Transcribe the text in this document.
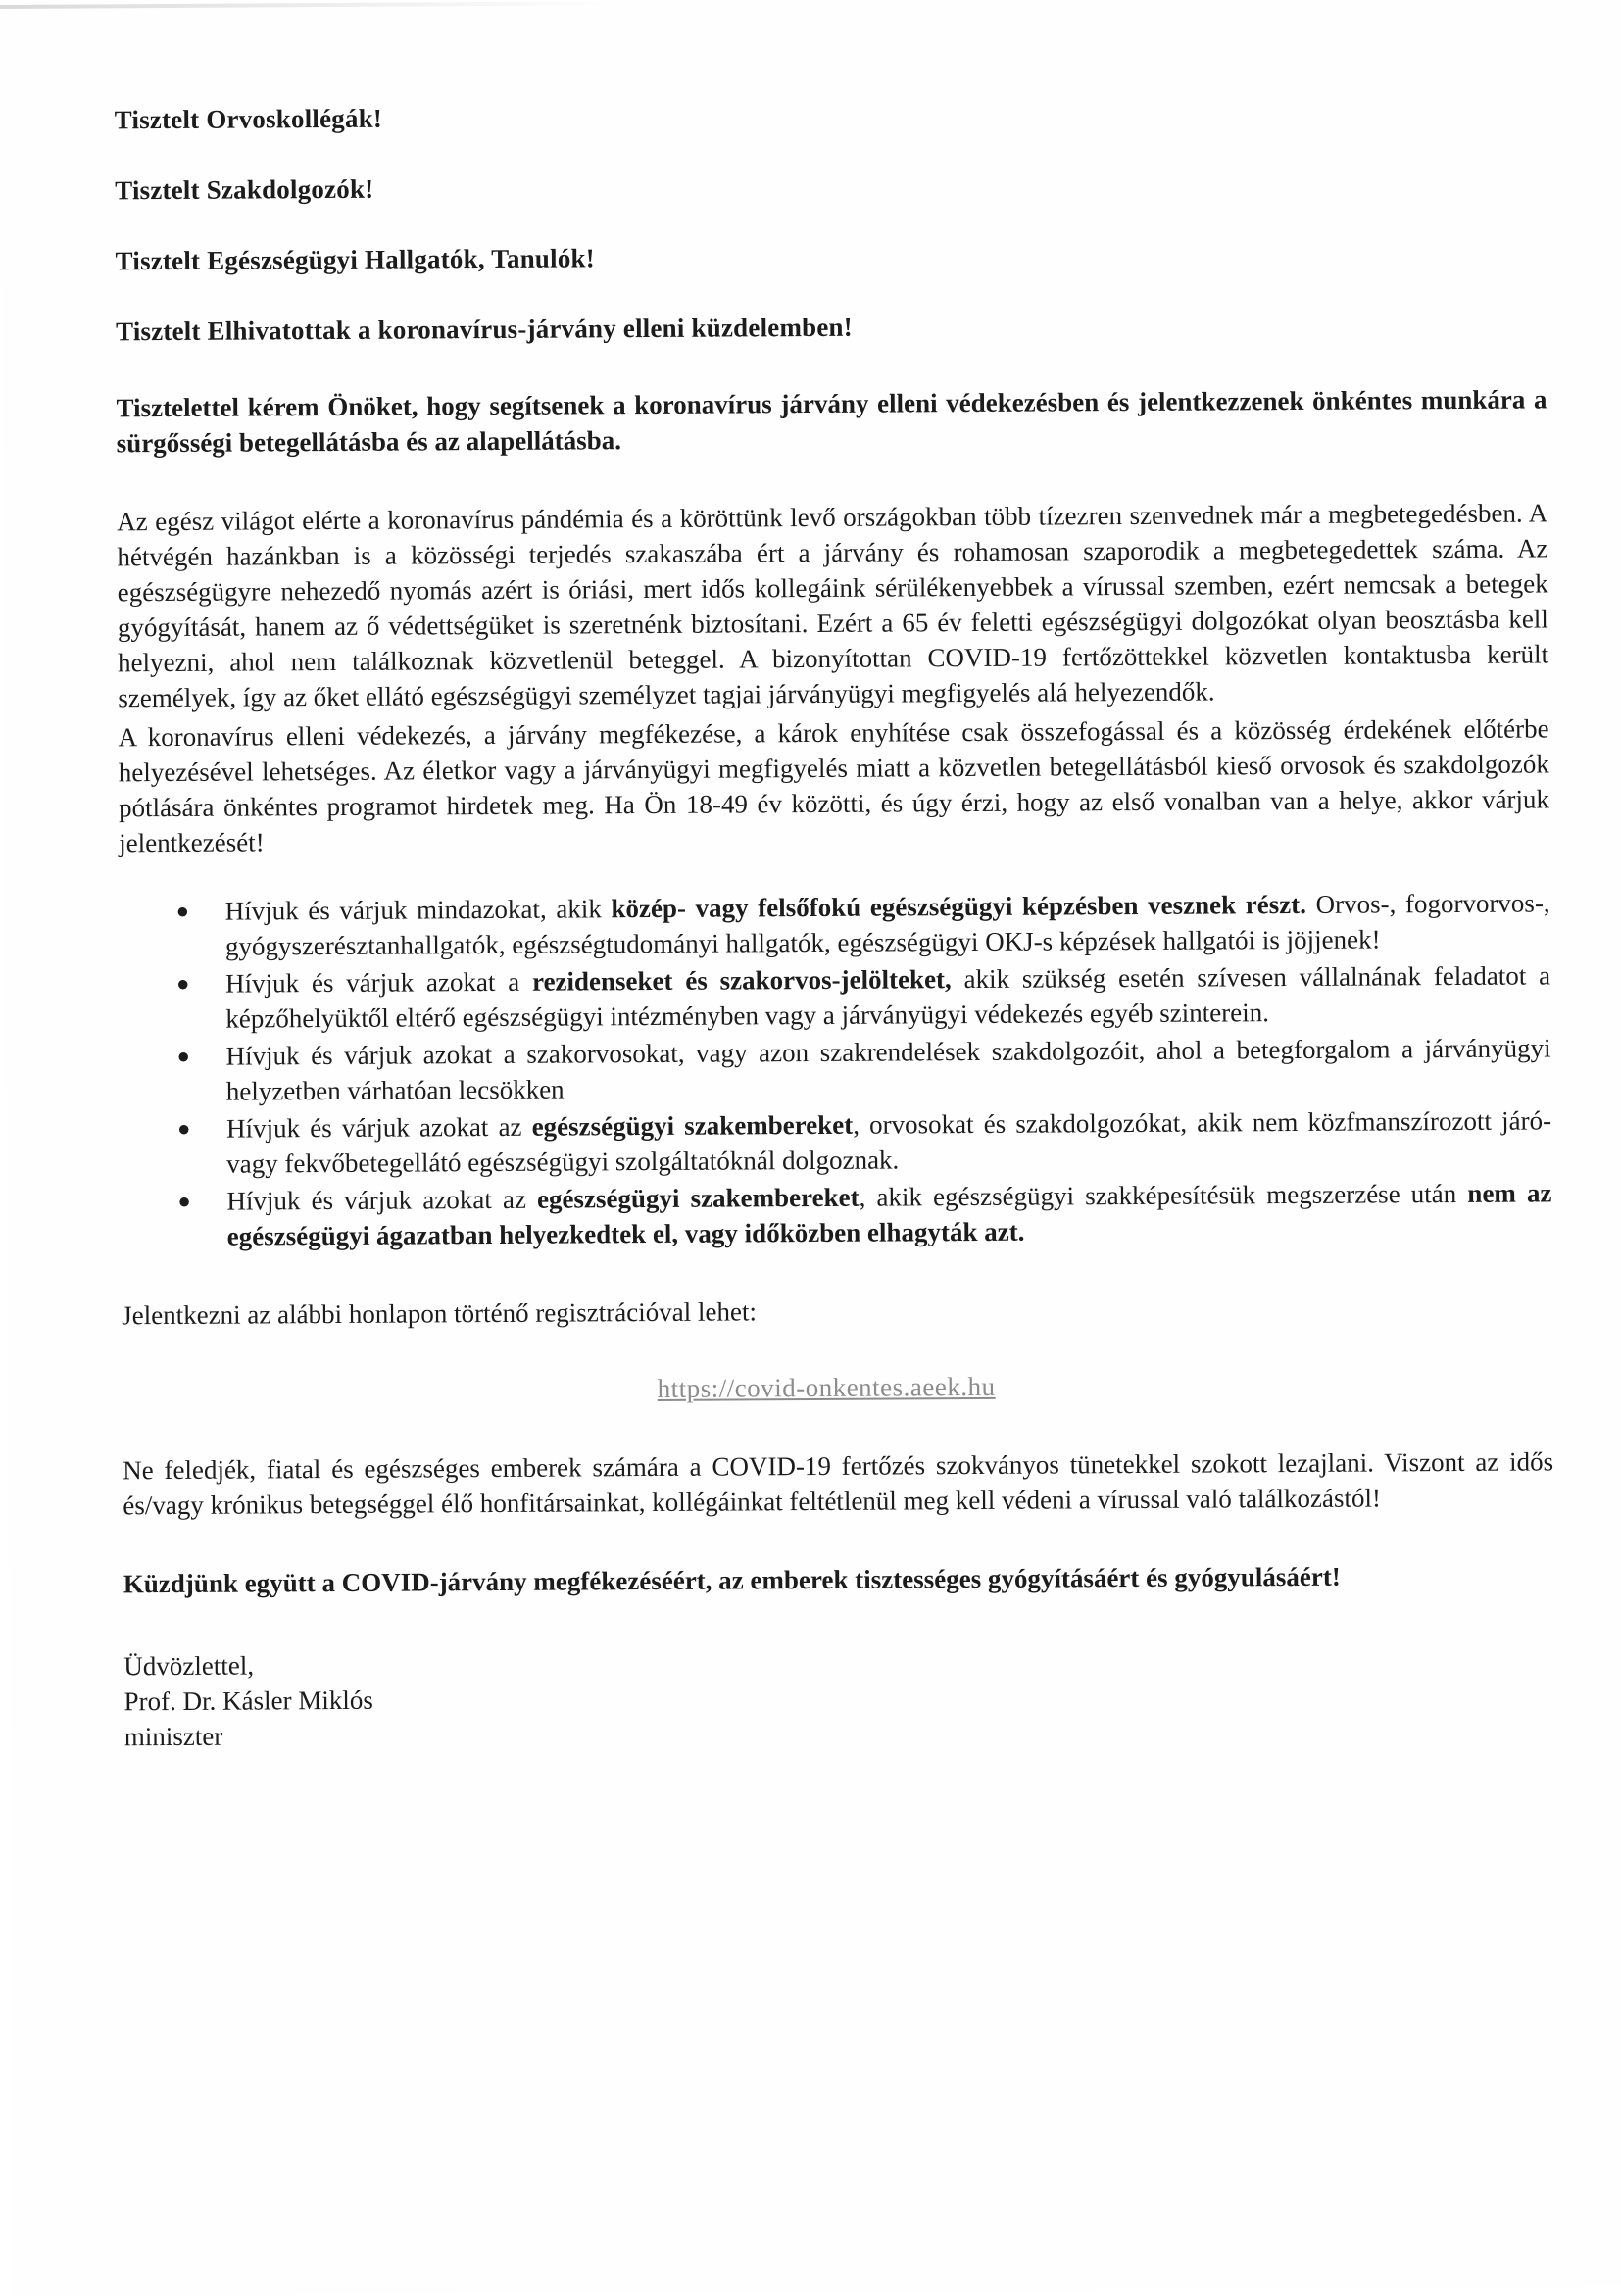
Tisztelt Orvoskollégák!

Tisztelt Szakdolgozók!

Tisztelt Egészségügyi Hallgatók, Tanulók!

Tisztelt Elhivatottak a koronavírus-járvány elleni küzdelemben!

Tisztelettel kérem Önöket, hogy segítsenek a koronavírus járvány elleni védekezésben és jelentkezzenek önkéntes munkára a sürgősségi betegellátásba és az alapellátásba.

Az egész világot elérte a koronavírus pándémia és a köröttünk levő országokban több tízezren szenvednek már a megbetegedésben. A hétvégén hazánkban is a közösségi terjedés szakaszába ért a járvány és rohamosan szaporodik a megbetegedettek száma. Az egészségügyre nehezedő nyomás azért is óriási, mert idős kollegáink sérülékenyebbek a vírussal szemben, ezért nemcsak a betegek gyógyítását, hanem az ő védettségüket is szeretnénk biztosítani. Ezért a 65 év feletti egészségügyi dolgozókat olyan beosztásba kell helyezni, ahol nem találkoznak közvetlenül beteggel. A bizonyítottan COVID-19 fertőzöttekkel közvetlen kontaktusba került személyek, így az őket ellátó egészségügyi személyzet tagjai járványügyi megfigyelés alá helyezendők.

A koronavírus elleni védekezés, a járvány megfékezése, a károk enyhítése csak összefogással és a közösség érdekének előtérbe helyezésével lehetséges. Az életkor vagy a járványügyi megfigyelés miatt a közvetlen betegellátásból kieső orvosok és szakdolgozók pótlására önkéntes programot hirdetek meg. Ha Ön 18-49 év közötti, és úgy érzi, hogy az első vonalban van a helye, akkor várjuk jelentkezését!

● Hívjuk és várjuk mindazokat, akik közép- vagy felsőfokú egészségügyi képzésben vesznek részt. Orvos-, fogorvorvos-, gyógyszerésztanhallgatók, egészségtudományi hallgatók, egészségügyi OKJ-s képzések hallgatói is jöjjenek!
● Hívjuk és várjuk azokat a rezidenseket és szakorvos-jelölteket, akik szükség esetén szívesen vállalnának feladatot a képzőhelyüktől eltérő egészségügyi intézményben vagy a járványügyi védekezés egyéb szinterein.
● Hívjuk és várjuk azokat a szakorvosokat, vagy azon szakrendelések szakdolgozóit, ahol a betegforgalom a járványügyi helyzetben várhatóan lecsökken
● Hívjuk és várjuk azokat az egészségügyi szakembereket, orvosokat és szakdolgozókat, akik nem közfmanszírozott járó- vagy fekvőbetegellátó egészségügyi szolgáltatóknál dolgoznak.
● Hívjuk és várjuk azokat az egészségügyi szakembereket, akik egészségügyi szakképesítésük megszerzése után nem az egészségügyi ágazatban helyezkedtek el, vagy időközben elhagyták azt.

Jelentkezni az alábbi honlapon történő regisztrációval lehet:

https://covid-onkentes.aeek.hu

Ne feledjék, fiatal és egészséges emberek számára a COVID-19 fertőzés szokványos tünetekkel szokott lezajlani. Viszont az idős és/vagy krónikus betegséggel élő honfitársainkat, kollégáinkat feltétlenül meg kell védeni a vírussal való találkozástól!

Küzdjünk együtt a COVID-járvány megfékezéséért, az emberek tisztességes gyógyításáért és gyógyulásáért!

Üdvözlettel,
Prof. Dr. Kásler Miklós
miniszter
